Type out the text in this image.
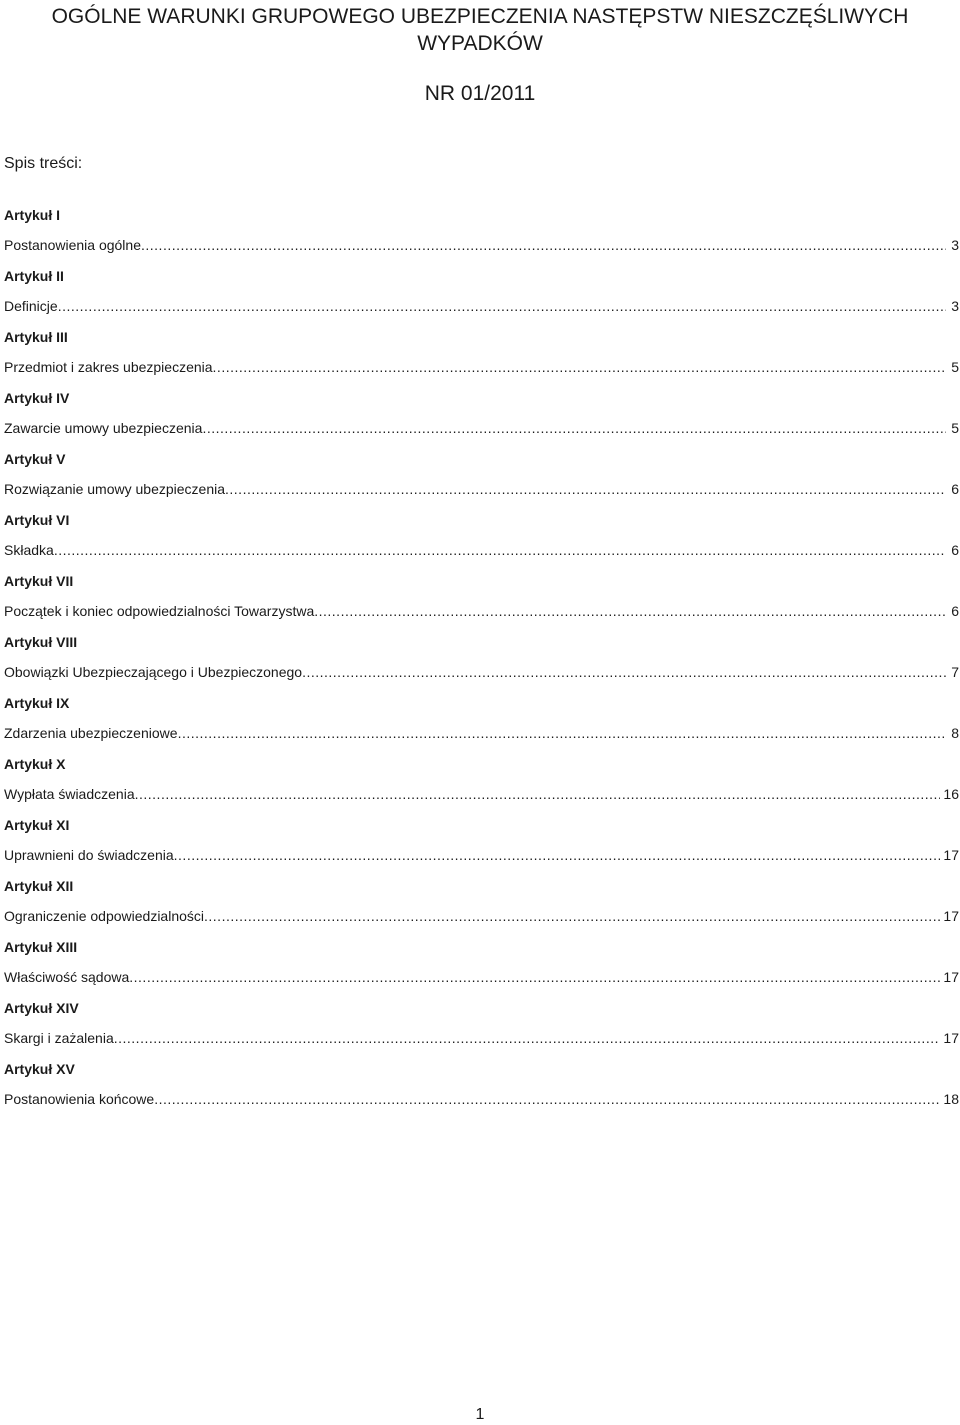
OGÓLNE WARUNKI GRUPOWEGO UBEZPIECZENIA NASTĘPSTW NIESZCZĘŚLIWYCH
WYPADKÓW
NR 01/2011
Spis treści:
Artykuł I
Postanowienia ogólne .....	3
Artykuł II
Definicje .....	3
Artykuł III
Przedmiot i zakres ubezpieczenia .....	5
Artykuł IV
Zawarcie umowy ubezpieczenia .....	5
Artykuł V
Rozwiązanie umowy ubezpieczenia .....	6
Artykuł VI
Składka .....	6
Artykuł VII
Początek i koniec odpowiedzialności Towarzystwa .....	6
Artykuł VIII
Obowiązki Ubezpieczającego i Ubezpieczonego .....	7
Artykuł IX
Zdarzenia ubezpieczeniowe .....	8
Artykuł X
Wypłata świadczenia .....	16
Artykuł XI
Uprawnieni do świadczenia .....	17
Artykuł XII
Ograniczenie odpowiedzialności .....	17
Artykuł XIII
Właściwość sądowa .....	17
Artykuł XIV
Skargi i zażalenia .....	17
Artykuł XV
Postanowienia końcowe .....	18
1
